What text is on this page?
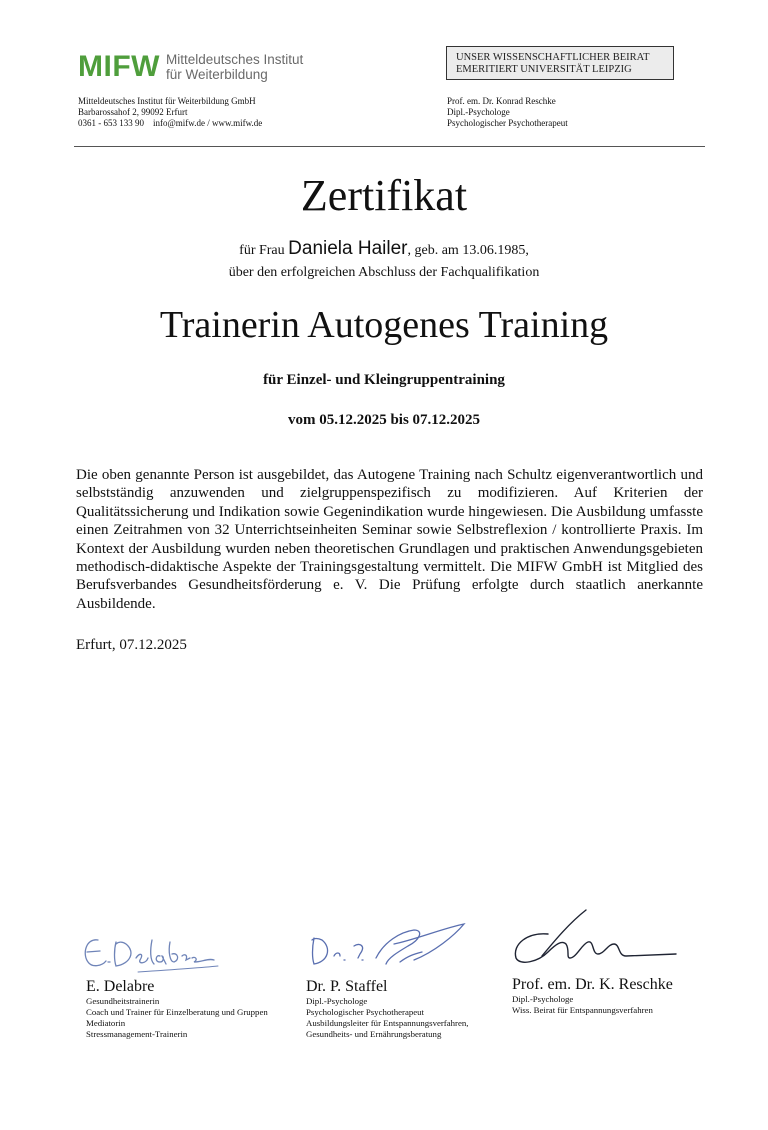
MIFW Mitteldeutsches Institut
für Weiterbildung
UNSER WISSENSCHAFTLICHER BEIRAT
EMERITIERT UNIVERSITÄT LEIPZIG
Mitteldeutsches Institut für Weiterbildung GmbH
Barbarossahof 2, 99092 Erfurt
0361 - 653 133 90    info@mifw.de / www.mifw.de
Prof. em. Dr. Konrad Reschke
Dipl.-Psychologe
Psychologischer Psychotherapeut
Zertifikat
für Frau Daniela Hailer, geb. am 13.06.1985,
über den erfolgreichen Abschluss der Fachqualifikation
Trainerin Autogenes Training
für Einzel- und Kleingruppentraining
vom 05.12.2025 bis 07.12.2025
Die oben genannte Person ist ausgebildet, das Autogene Training nach Schultz eigenverantwortlich und selbstständig anzuwenden und zielgruppenspezifisch zu modifizieren. Auf Kriterien der Qualitätssicherung und Indikation sowie Gegenindikation wurde hingewiesen. Die Ausbildung umfasste einen Zeitrahmen von 32 Unterrichtseinheiten Seminar sowie Selbstreflexion / kontrollierte Praxis. Im Kontext der Ausbildung wurden neben theoretischen Grundlagen und praktischen Anwendungsgebieten methodisch-didaktische Aspekte der Trainingsgestaltung vermittelt. Die MIFW GmbH ist Mitglied des Berufsverbandes Gesundheitsförderung e. V. Die Prüfung erfolgte durch staatlich anerkannte Ausbildende.
Erfurt, 07.12.2025
E. Delabre
Gesundheitstrainerin
Coach und Trainer für Einzelberatung und Gruppen
Mediatorin
Stressmanagement-Trainerin
Dr. P. Staffel
Dipl.-Psychologe
Psychologischer Psychotherapeut
Ausbildungsleiter für Entspannungsverfahren,
Gesundheits- und Ernährungsberatung
Prof. em. Dr. K. Reschke
Dipl.-Psychologe
Wiss. Beirat für Entspannungsverfahren
